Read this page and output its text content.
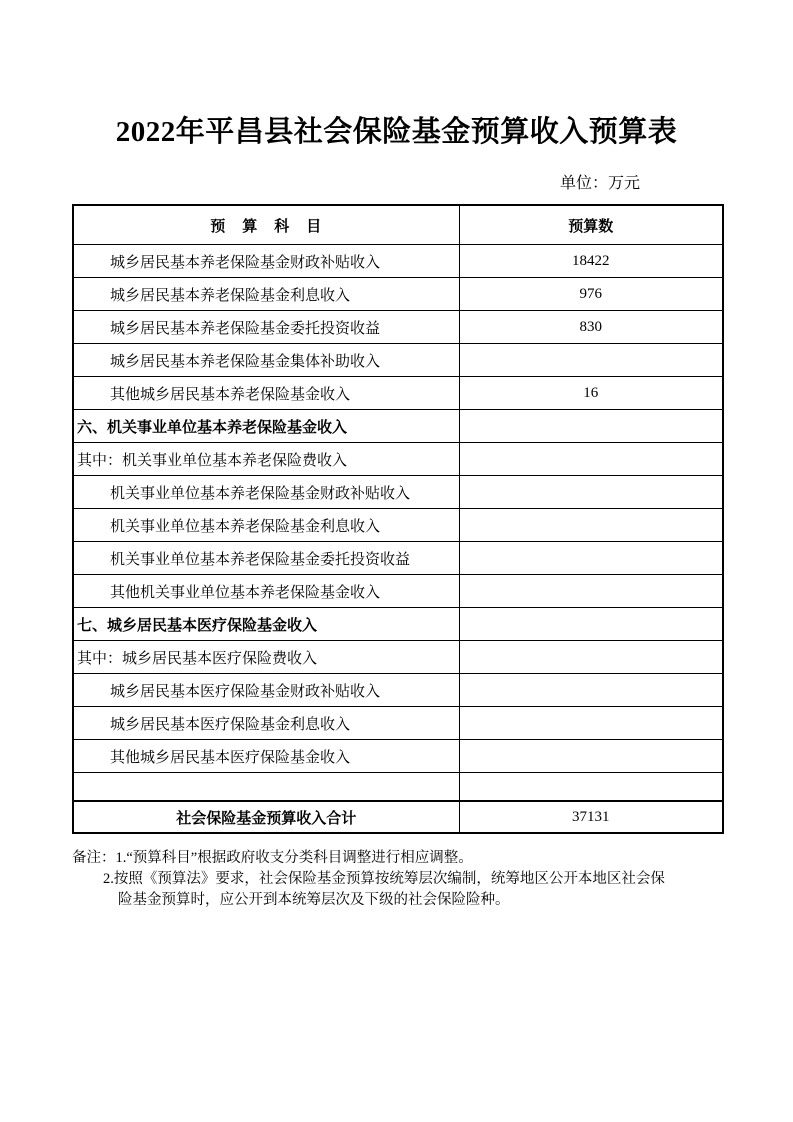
2022年平昌县社会保险基金预算收入预算表
单位：万元
预　算　科　目	预算数
城乡居民基本养老保险基金财政补贴收入	18422
城乡居民基本养老保险基金利息收入	976
城乡居民基本养老保险基金委托投资收益	830
城乡居民基本养老保险基金集体补助收入	
其他城乡居民基本养老保险基金收入	16
六、机关事业单位基本养老保险基金收入	
其中：机关事业单位基本养老保险费收入	
机关事业单位基本养老保险基金财政补贴收入	
机关事业单位基本养老保险基金利息收入	
机关事业单位基本养老保险基金委托投资收益	
其他机关事业单位基本养老保险基金收入	
七、城乡居民基本医疗保险基金收入	
其中：城乡居民基本医疗保险费收入	
城乡居民基本医疗保险基金财政补贴收入	
城乡居民基本医疗保险基金利息收入	
其他城乡居民基本医疗保险基金收入	

社会保险基金预算收入合计	37131
备注：1.“预算科目”根据政府收支分类科目调整进行相应调整。
2.按照《预算法》要求，社会保险基金预算按统筹层次编制，统筹地区公开本地区社会保
险基金预算时，应公开到本统筹层次及下级的社会保险险种。
